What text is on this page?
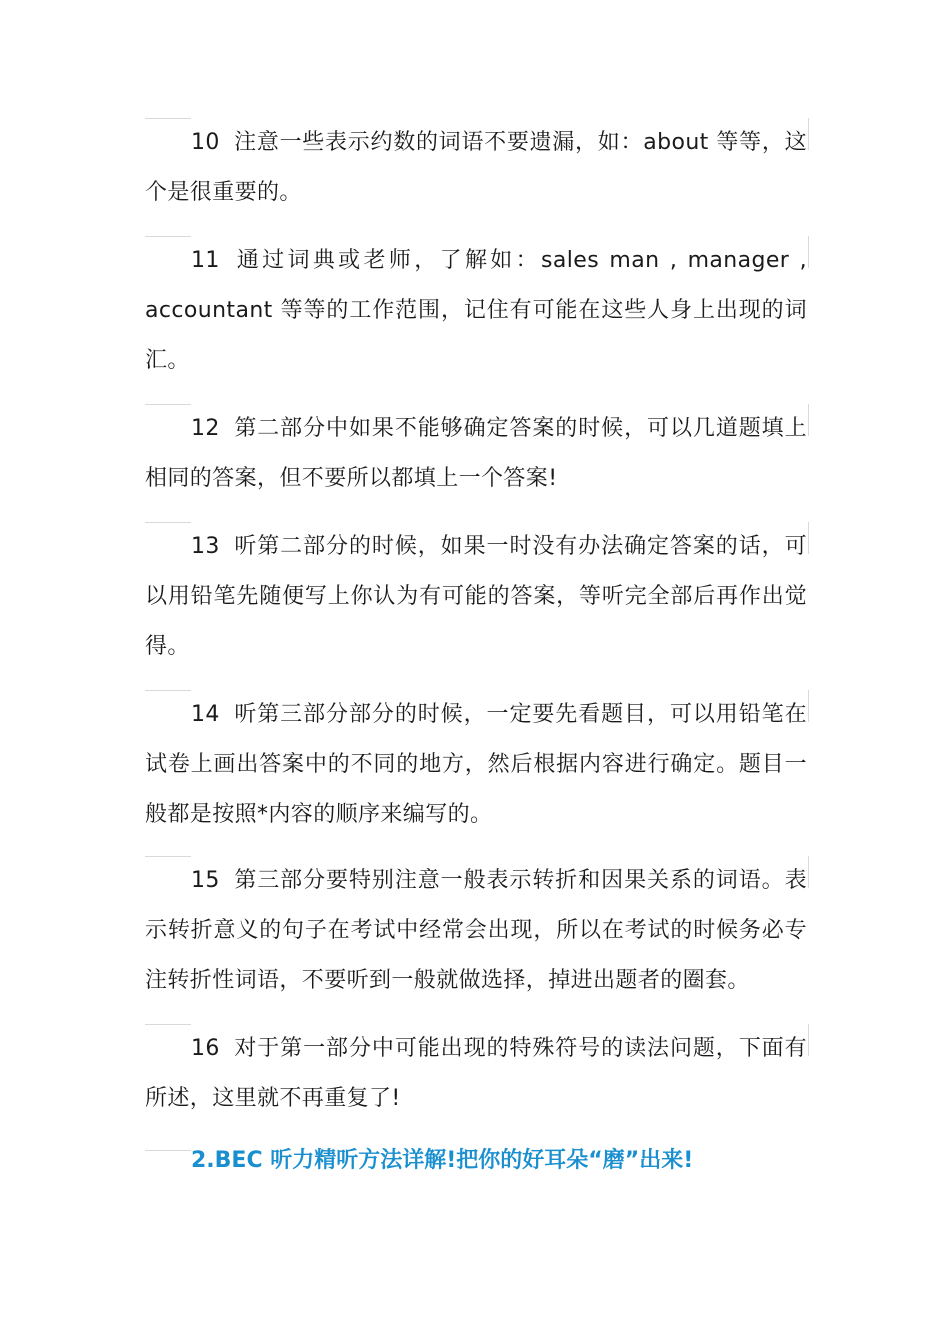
10 注意一些表示约数的词语不要遗漏，如：about 等等，这个是很重要的。

11 通过词典或老师，了解如：sales man , manager , accountant 等等的工作范围，记住有可能在这些人身上出现的词汇。

12 第二部分中如果不能够确定答案的时候，可以几道题填上相同的答案，但不要所以都填上一个答案!

13 听第二部分的时候，如果一时没有办法确定答案的话，可以用铅笔先随便写上你认为有可能的答案，等听完全部后再作出觉得。

14 听第三部分部分的时候，一定要先看题目，可以用铅笔在试卷上画出答案中的不同的地方，然后根据内容进行确定。题目一般都是按照*内容的顺序来编写的。

15 第三部分要特别注意一般表示转折和因果关系的词语。表示转折意义的句子在考试中经常会出现，所以在考试的时候务必专注转折性词语，不要听到一般就做选择，掉进出题者的圈套。

16 对于第一部分中可能出现的特殊符号的读法问题，下面有所述，这里就不再重复了!

2.BEC 听力精听方法详解!把你的好耳朵“磨”出来!
